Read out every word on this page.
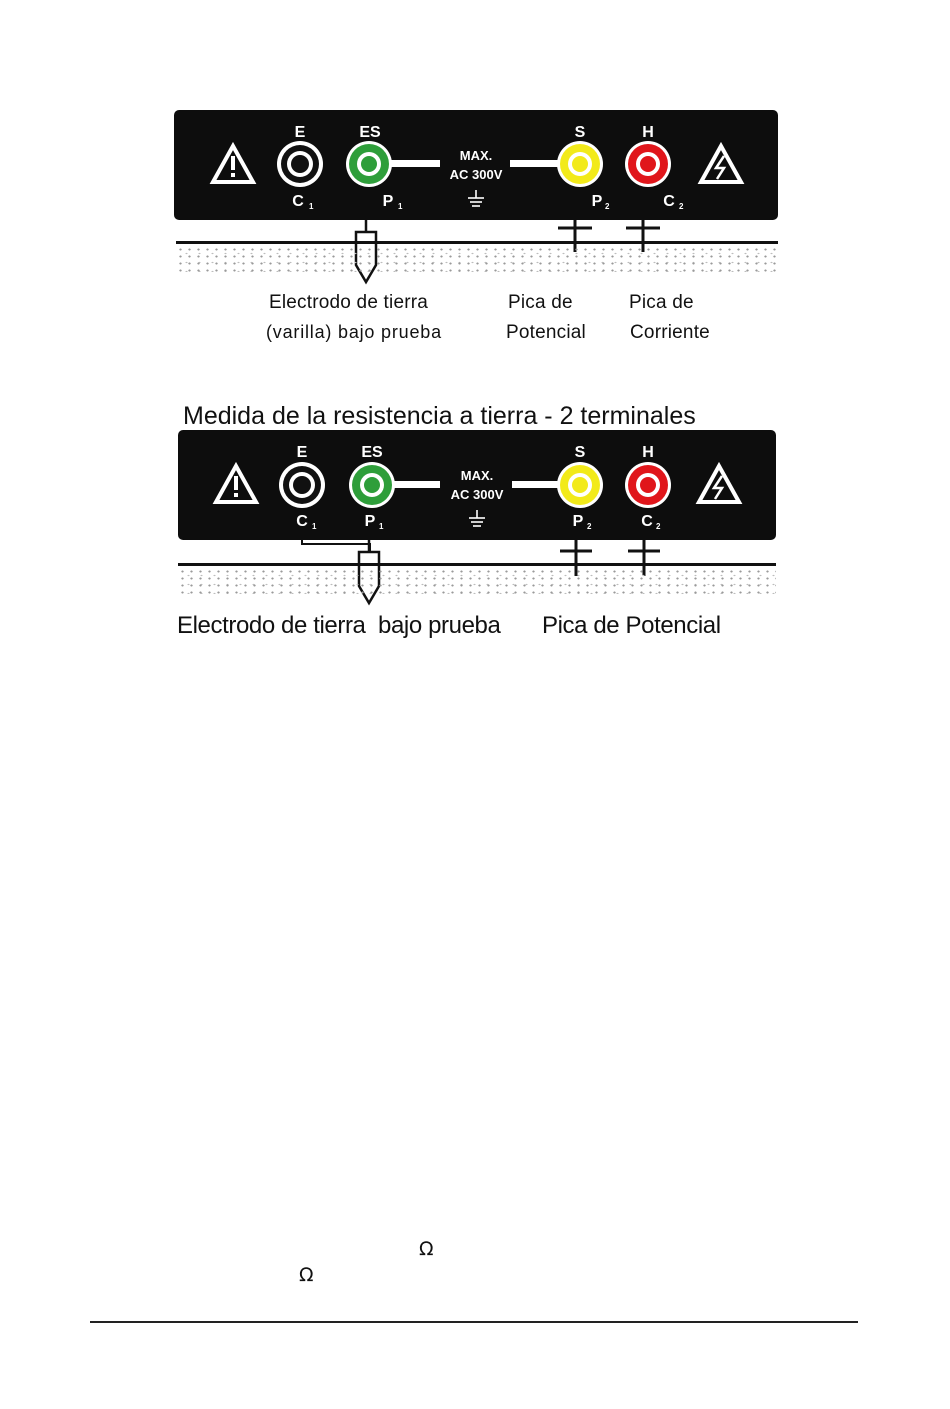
E	ES	S	H
C 1	P 1	P 2	C 2
MAX.
AC 300V
Electrodo de tierra
(varilla) bajo prueba
Pica de
Potencial
Pica de
Corriente
Medida de la resistencia a tierra - 2 terminales
E	ES	S	H
C 1	P 1	P 2	C 2
MAX.
AC 300V
Electrodo de tierra  bajo prueba Pica de Potencial
Ω
Ω
